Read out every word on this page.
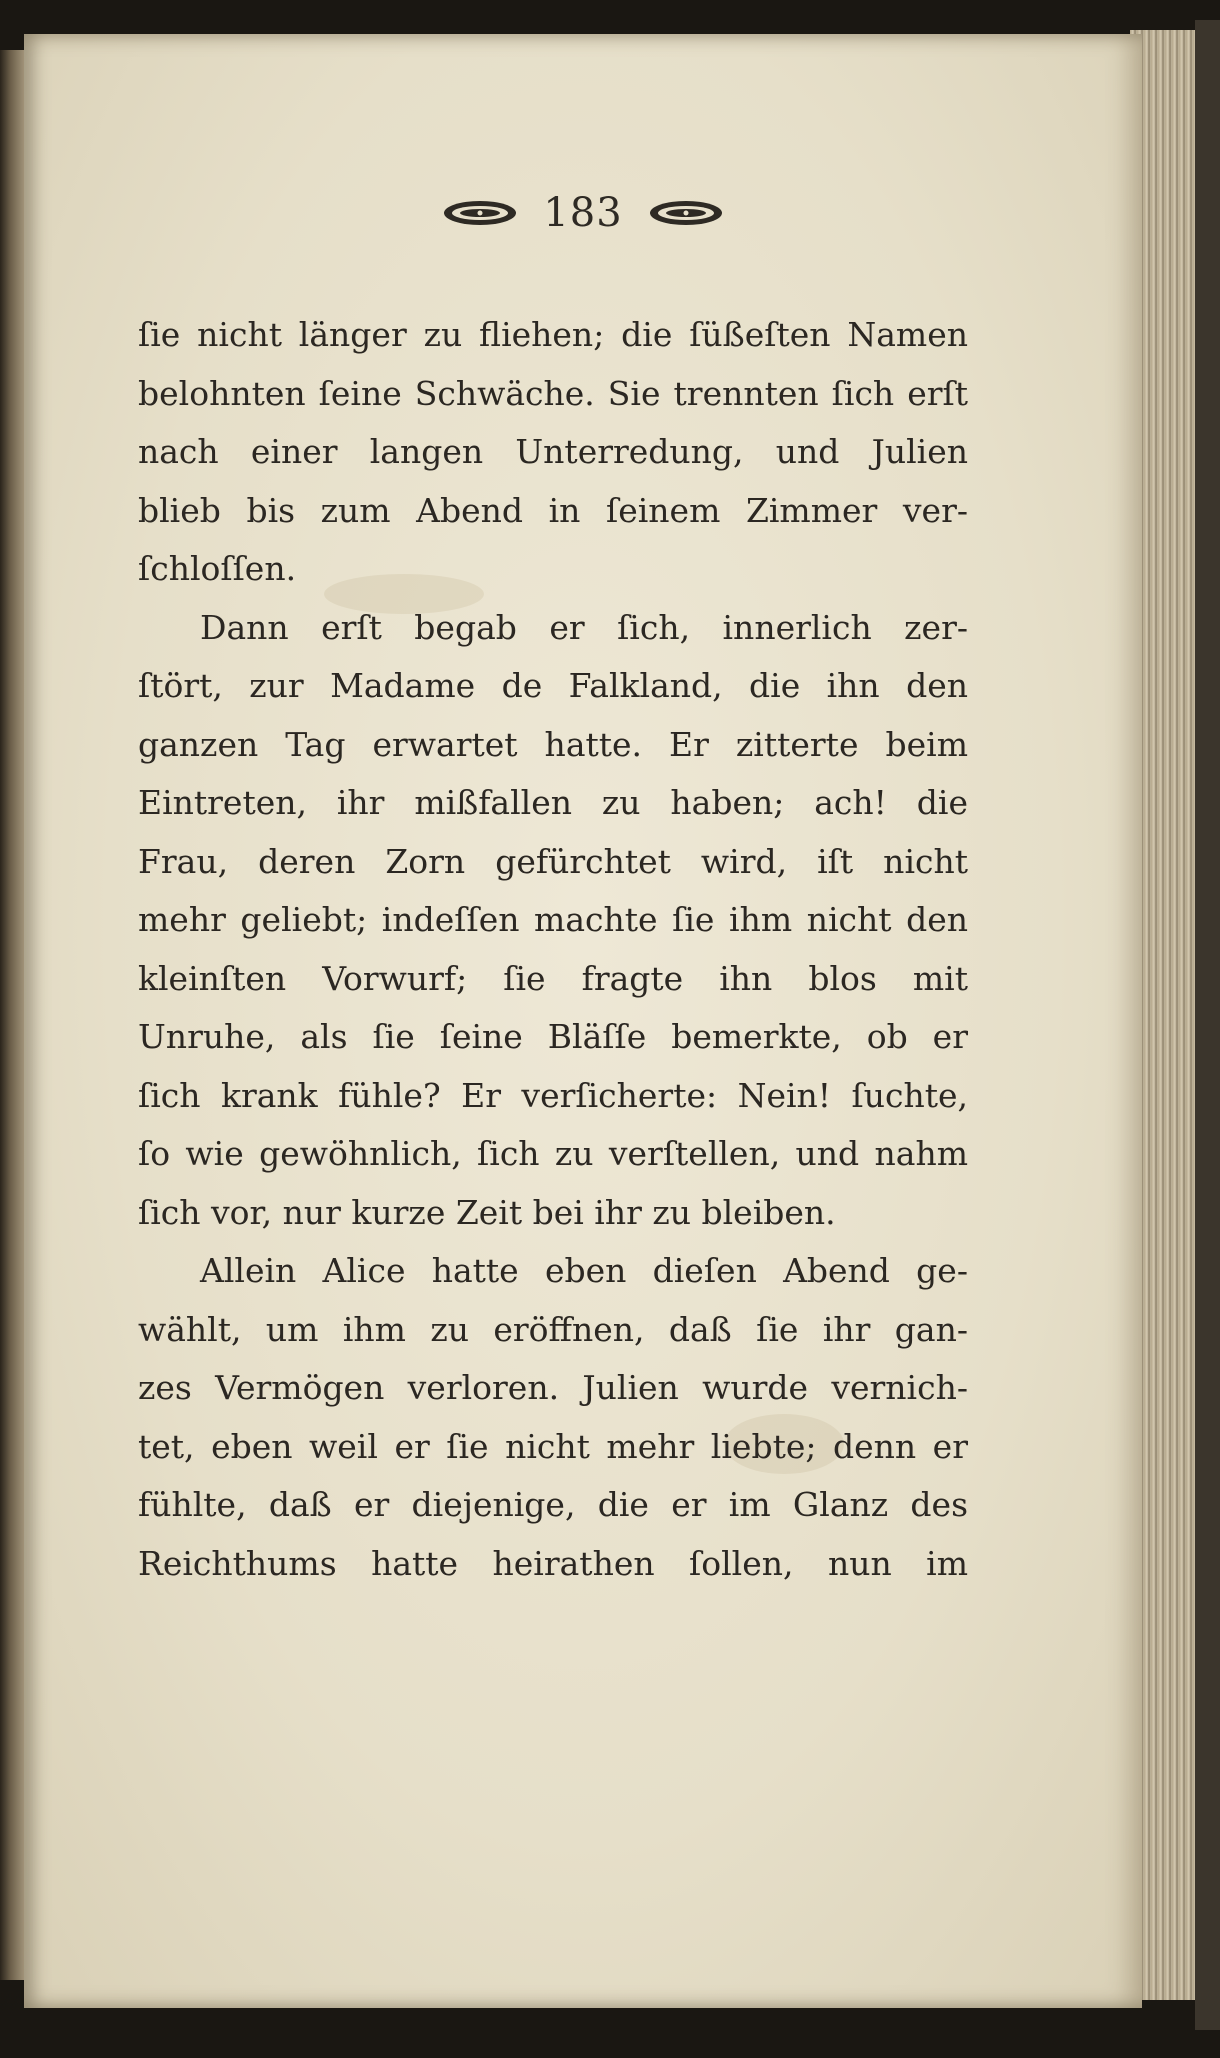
183
ſie nicht länger zu fliehen; die ſüßeſten Namen
belohnten ſeine Schwäche. Sie trennten ſich erſt
nach einer langen Unterredung, und Julien
blieb bis zum Abend in ſeinem Zimmer ver-
ſchloſſen.
Dann erſt begab er ſich, innerlich zer-
ſtört, zur Madame de Falkland, die ihn den
ganzen Tag erwartet hatte. Er zitterte beim
Eintreten, ihr mißfallen zu haben; ach! die
Frau, deren Zorn gefürchtet wird, iſt nicht
mehr geliebt; indeſſen machte ſie ihm nicht den
kleinſten Vorwurf; ſie fragte ihn blos mit
Unruhe, als ſie ſeine Bläſſe bemerkte, ob er
ſich krank fühle? Er verſicherte: Nein! ſuchte,
ſo wie gewöhnlich, ſich zu verſtellen, und nahm
ſich vor, nur kurze Zeit bei ihr zu bleiben.
Allein Alice hatte eben dieſen Abend ge-
wählt, um ihm zu eröffnen, daß ſie ihr gan-
zes Vermögen verloren. Julien wurde vernich-
tet, eben weil er ſie nicht mehr liebte; denn er
fühlte, daß er diejenige, die er im Glanz des
Reichthums hatte heirathen ſollen, nun im
